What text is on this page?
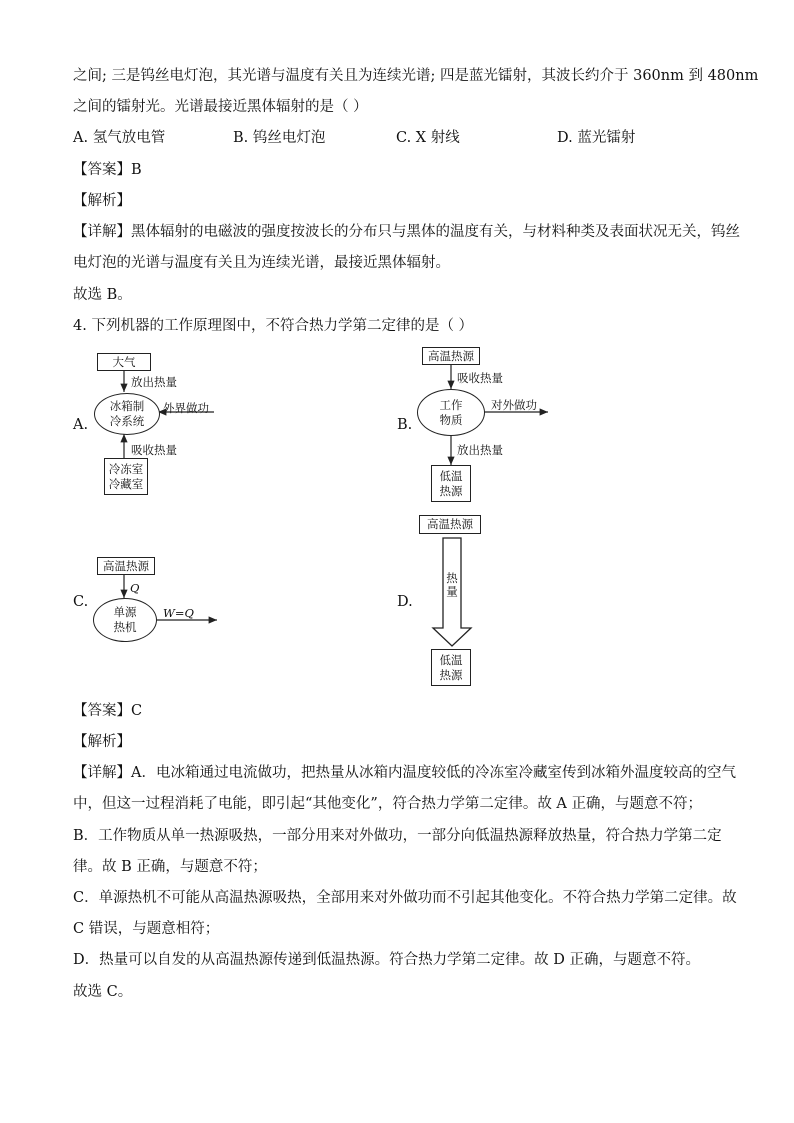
之间; 三是钨丝电灯泡，其光谱与温度有关且为连续光谱; 四是蓝光镭射，其波长约介于 360nm 到 480nm
之间的镭射光。光谱最接近黑体辐射的是（ ）
A. 氢气放电管	B. 钨丝电灯泡	C. X 射线	D. 蓝光镭射
【答案】B
【解析】
【详解】黑体辐射的电磁波的强度按波长的分布只与黑体的温度有关，与材料种类及表面状况无关，钨丝
电灯泡的光谱与温度有关且为连续光谱，最接近黑体辐射。
故选 B。
4. 下列机器的工作原理图中，不符合热力学第二定律的是（ ）
A.
大气
放出热量
冰箱制
冷系统
外界做功
吸收热量
冷冻室
冷藏室
B.
高温热源
吸收热量
工作
物质
对外做功
放出热量
低温
热源
C.
高温热源
Q
单源
热机
W=Q
D.
高温热源
热量
低温
热源
【答案】C
【解析】
【详解】A．电冰箱通过电流做功，把热量从冰箱内温度较低的冷冻室冷藏室传到冰箱外温度较高的空气
中，但这一过程消耗了电能，即引起“其他变化”，符合热力学第二定律。故 A 正确，与题意不符；
B．工作物质从单一热源吸热，一部分用来对外做功，一部分向低温热源释放热量，符合热力学第二定
律。故 B 正确，与题意不符；
C．单源热机不可能从高温热源吸热，全部用来对外做功而不引起其他变化。不符合热力学第二定律。故
C 错误，与题意相符；
D．热量可以自发的从高温热源传递到低温热源。符合热力学第二定律。故 D 正确，与题意不符。
故选 C。
